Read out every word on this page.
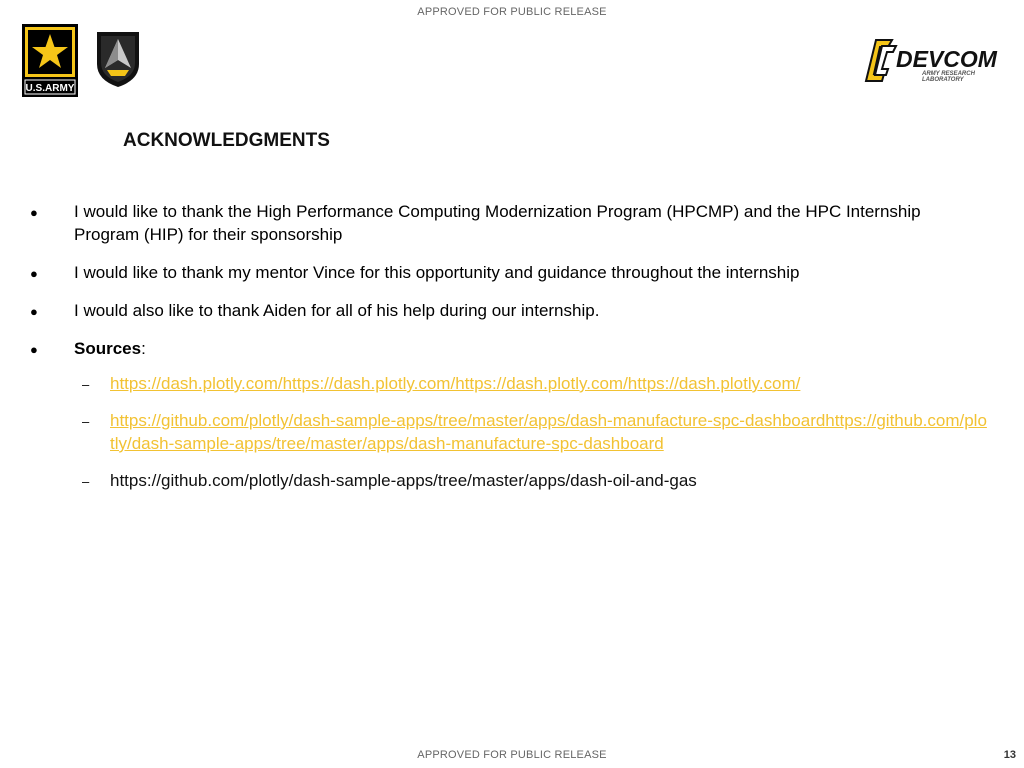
APPROVED FOR PUBLIC RELEASE
U.S.ARMY
DEVCOM
ARMY RESEARCH
LABORATORY
ACKNOWLEDGMENTS
●	I would like to thank the High Performance Computing Modernization Program (HPCMP) and the HPC Internship Program (HIP) for their sponsorship
●	I would like to thank my mentor Vince for this opportunity and guidance throughout the internship
●	I would also like to thank Aiden for all of his help during our internship.
●	Sources:
–	https://dash.plotly.com/https://dash.plotly.com/https://dash.plotly.com/https://dash.plotly.com/
–	https://github.com/plotly/dash-sample-apps/tree/master/apps/dash-manufacture-spc-dashboardhttps://github.com/plotly/dash-sample-apps/tree/master/apps/dash-manufacture-spc-dashboard
–	https://github.com/plotly/dash-sample-apps/tree/master/apps/dash-oil-and-gas
APPROVED FOR PUBLIC RELEASE	13
